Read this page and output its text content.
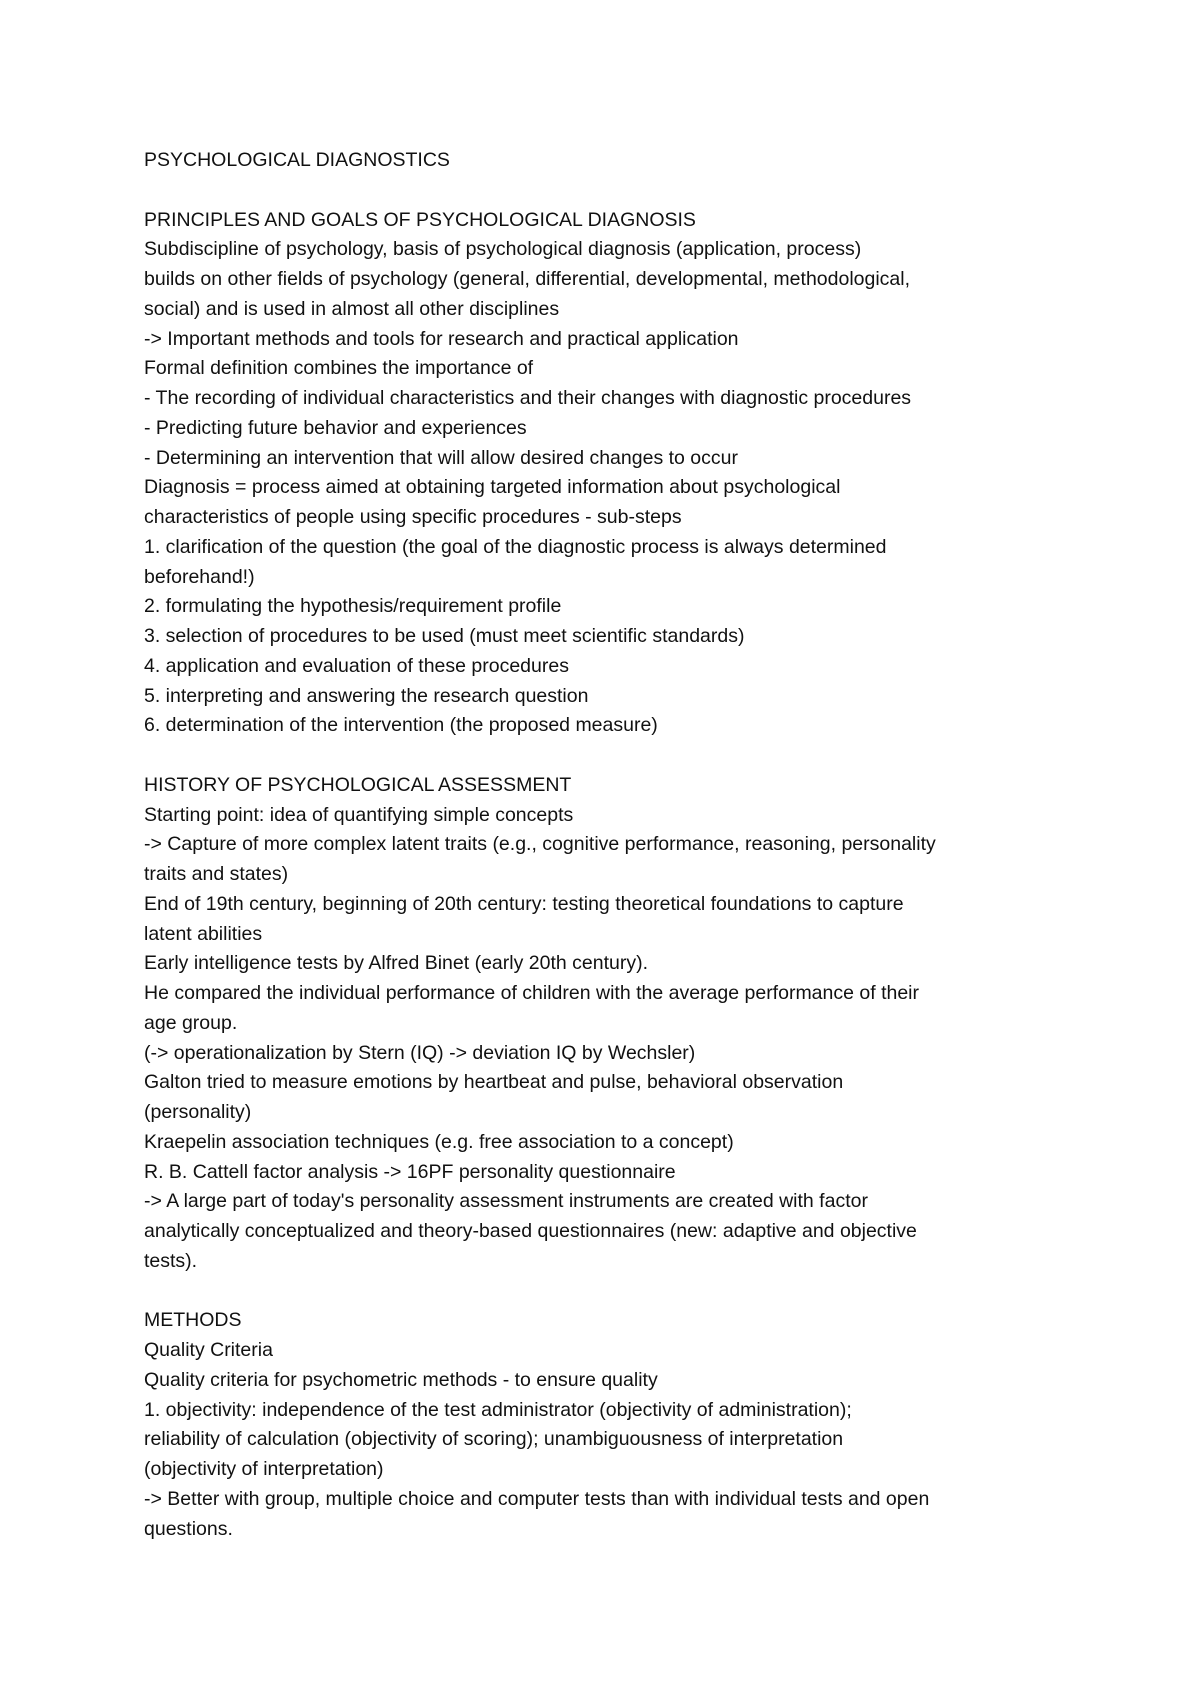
PSYCHOLOGICAL DIAGNOSTICS
PRINCIPLES AND GOALS OF PSYCHOLOGICAL DIAGNOSIS
Subdiscipline of psychology, basis of psychological diagnosis (application, process)
builds on other fields of psychology (general, differential, developmental, methodological,
social) and is used in almost all other disciplines
-> Important methods and tools for research and practical application
Formal definition combines the importance of
- The recording of individual characteristics and their changes with diagnostic procedures
- Predicting future behavior and experiences
- Determining an intervention that will allow desired changes to occur
Diagnosis = process aimed at obtaining targeted information about psychological
characteristics of people using specific procedures - sub-steps
1. clarification of the question (the goal of the diagnostic process is always determined
beforehand!)
2. formulating the hypothesis/requirement profile
3. selection of procedures to be used (must meet scientific standards)
4. application and evaluation of these procedures
5. interpreting and answering the research question
6. determination of the intervention (the proposed measure)
HISTORY OF PSYCHOLOGICAL ASSESSMENT
Starting point: idea of quantifying simple concepts
-> Capture of more complex latent traits (e.g., cognitive performance, reasoning, personality
traits and states)
End of 19th century, beginning of 20th century: testing theoretical foundations to capture
latent abilities
Early intelligence tests by Alfred Binet (early 20th century).
He compared the individual performance of children with the average performance of their
age group.
(-> operationalization by Stern (IQ) -> deviation IQ by Wechsler)
Galton tried to measure emotions by heartbeat and pulse, behavioral observation
(personality)
Kraepelin association techniques (e.g. free association to a concept)
R. B. Cattell factor analysis -> 16PF personality questionnaire
-> A large part of today's personality assessment instruments are created with factor
analytically conceptualized and theory-based questionnaires (new: adaptive and objective
tests).
METHODS
Quality Criteria
Quality criteria for psychometric methods - to ensure quality
1. objectivity: independence of the test administrator (objectivity of administration);
reliability of calculation (objectivity of scoring); unambiguousness of interpretation
(objectivity of interpretation)
-> Better with group, multiple choice and computer tests than with individual tests and open
questions.
